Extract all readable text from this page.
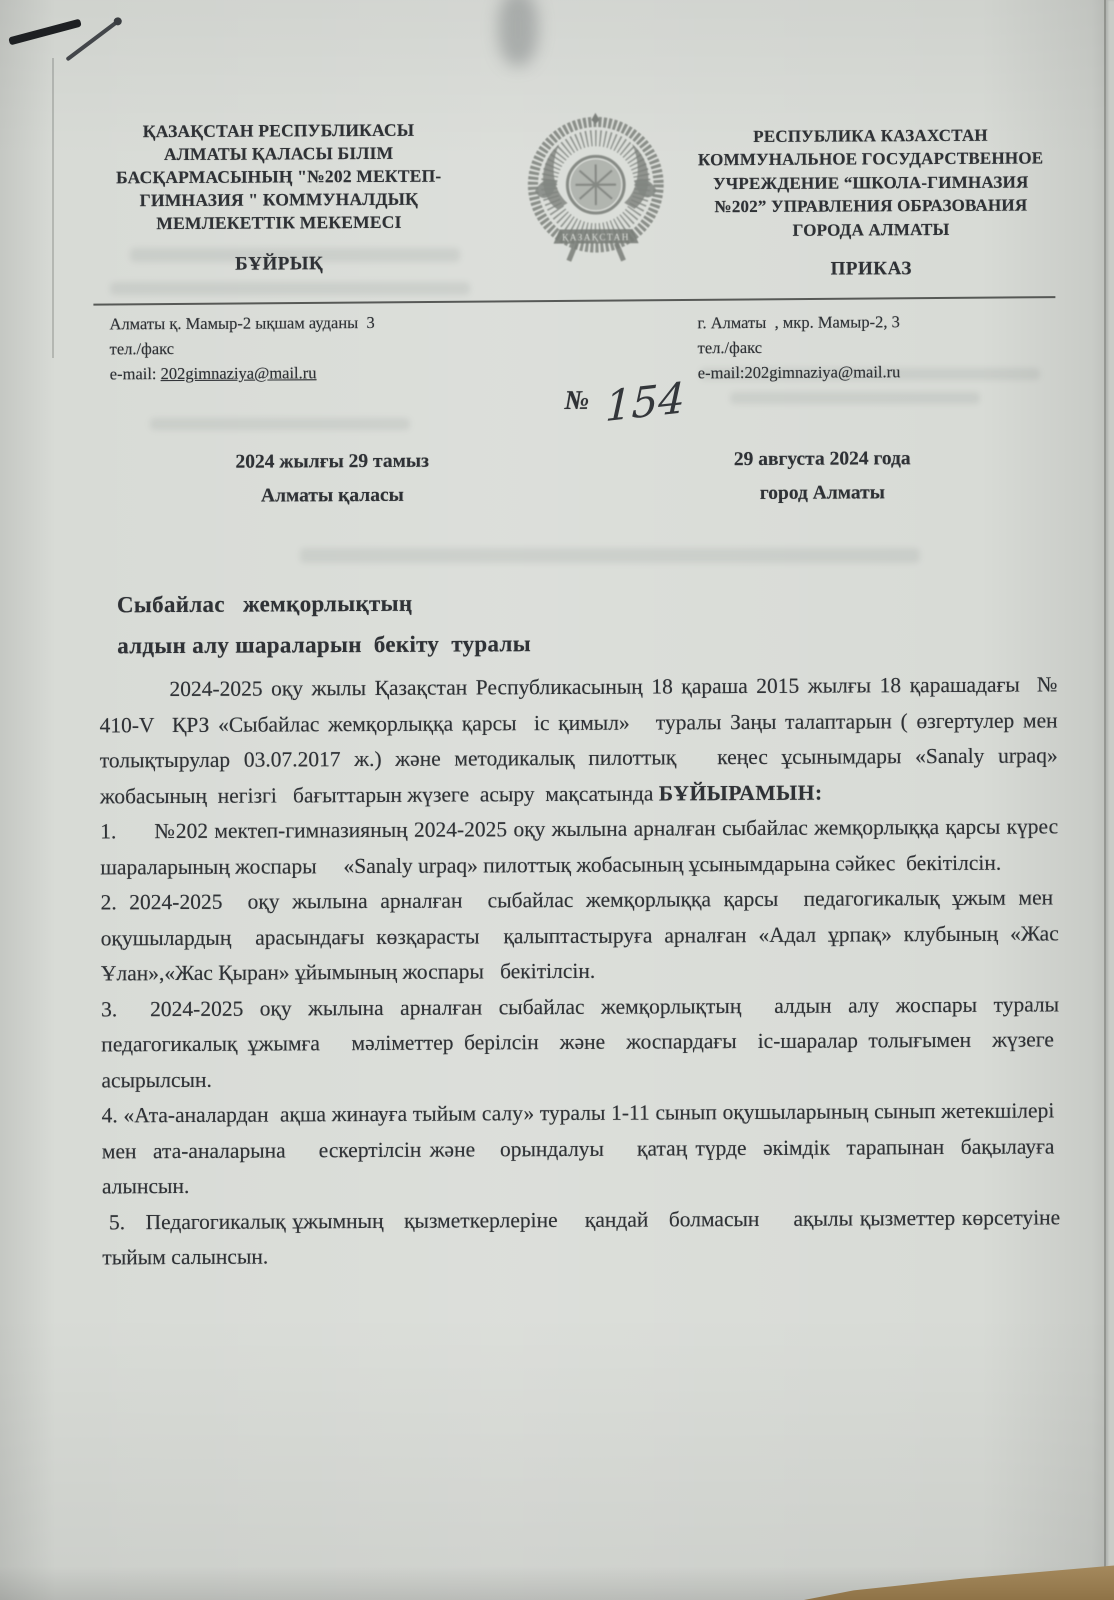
ҚАЗАҚСТАН РЕСПУБЛИКАСЫ
АЛМАТЫ ҚАЛАСЫ БІЛІМ
БАСҚАРМАСЫНЫҢ "№202 МЕКТЕП-
ГИМНАЗИЯ " КОММУНАЛДЫҚ
МЕМЛЕКЕТТІК МЕКЕМЕСІ
БҰЙРЫҚ
ҚАЗАҚСТАН
РЕСПУБЛИКА КАЗАХСТАН
КОММУНАЛЬНОЕ ГОСУДАРСТВЕННОЕ
УЧРЕЖДЕНИЕ “ШКОЛА-ГИМНАЗИЯ
№202” УПРАВЛЕНИЯ ОБРАЗОВАНИЯ
ГОРОДА АЛМАТЫ
ПРИКАЗ
Алматы қ. Мамыр-2 ықшам ауданы  3
тел./факс
e-mail: 202gimnaziya@mail.ru
г. Алматы  , мкр. Мамыр-2, 3
тел./факс
e-mail:202gimnaziya@mail.ru
№ 154
2024 жылғы 29 тамыз
Алматы қаласы
29 августа 2024 года
город Алматы
Сыбайлас   жемқорлықтың
алдын алу шараларын  бекіту  туралы

2024-2025 оқу жылы Қазақстан Республикасының 18 қараша 2015 жылғы 18 қарашадағы  № 410-V  ҚРЗ «Сыбайлас жемқорлыққа қарсы  іс қимыл»   туралы Заңы талаптарын ( өзгертулер мен толықтырулар 03.07.2017 ж.) және методикалық пилоттық   кеңес ұсынымдары «Sanaly urpaq» жобасының  негізгі   бағыттарын жүзеге  асыру  мақсатында БҰЙЫРАМЫН:

1.      №202 мектеп-гимназияның 2024-2025 оқу жылына арналған сыбайлас жемқорлыққа қарсы күрес шараларының жоспары     «Sanaly urpaq» пилоттық жобасының ұсынымдарына сәйкес  бекітілсін.

2. 2024-2025  оқу жылына арналған  сыбайлас жемқорлыққа қарсы  педагогикалық ұжым мен  оқушылардың  арасындағы көзқарасты  қалыптастыруға арналған «Адал ұрпақ» клубының «Жас Ұлан»,«Жас Қыран» ұйымының жоспары   бекітілсін.

3.  2024-2025 оқу жылына арналған сыбайлас жемқорлықтың  алдын алу жоспары туралы педагогикалық ұжымға   мәліметтер берілсін  және  жоспардағы  іс-шаралар толығымен  жүзеге  асырылсын.

4. «Ата-аналардан  ақша жинауға тыйым салу» туралы 1-11 сынып оқушыларының сынып жетекшілері  мен  ата-аналарына    ескертілсін және   орындалуы    қатаң түрде  әкімдік  тарапынан  бақылауға  алынсын.

5.   Педагогикалық ұжымның   қызметкерлеріне    қандай   болмасын     ақылы қызметтер көрсетуіне тыйым салынсын.
